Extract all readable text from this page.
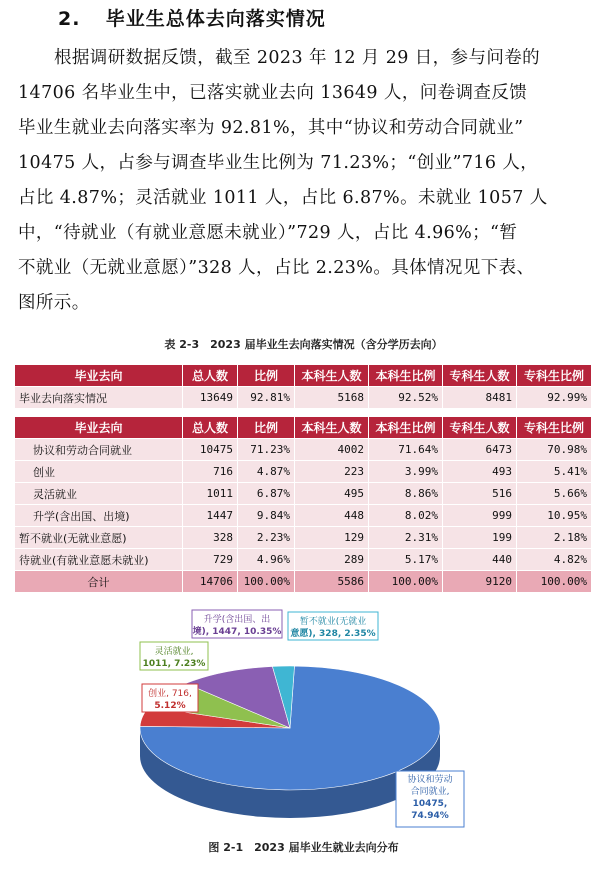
2. 毕业生总体去向落实情况

根据调研数据反馈，截至 2023 年 12 月 29 日，参与问卷的

14706 名毕业生中，已落实就业去向 13649 人，问卷调查反馈

毕业生就业去向落实率为 92.81%，其中“协议和劳动合同就业”

10475 人，占参与调查毕业生比例为 71.23%；“创业”716 人，

占比 4.87%；灵活就业 1011 人，占比 6.87%。未就业 1057 人

中，“待就业（有就业意愿未就业）”729 人，占比 4.96%；“暂

不就业（无就业意愿）”328 人，占比 2.23%。具体情况见下表、

图所示。

表 2-3　2023 届毕业生去向落实情况（含分学历去向）
毕业去向	总人数	比例	本科生人数	本科生比例	专科生人数	专科生比例
毕业去向落实情况	13649	92.81%	5168	92.52%	8481	92.99%
毕业去向	总人数	比例	本科生人数	本科生比例	专科生人数	专科生比例
协议和劳动合同就业	10475	71.23%	4002	71.64%	6473	70.98%
创业	716	4.87%	223	3.99%	493	5.41%
灵活就业	1011	6.87%	495	8.86%	516	5.66%
升学(含出国、出境)	1447	9.84%	448	8.02%	999	10.95%
暂不就业(无就业意愿)	328	2.23%	129	2.31%	199	2.18%
待就业(有就业意愿未就业)	729	4.96%	289	5.17%	440	4.82%
合计	14706	100.00%	5586	100.00%	9120	100.00%
协议和劳动
合同就业,
10475,
74.94%
创业, 716,
5.12%
灵活就业,
1011, 7.23%
升学(含出国、出
境), 1447, 10.35%
暂不就业(无就业
意愿), 328, 2.35%
图 2-1　2023 届毕业生就业去向分布
